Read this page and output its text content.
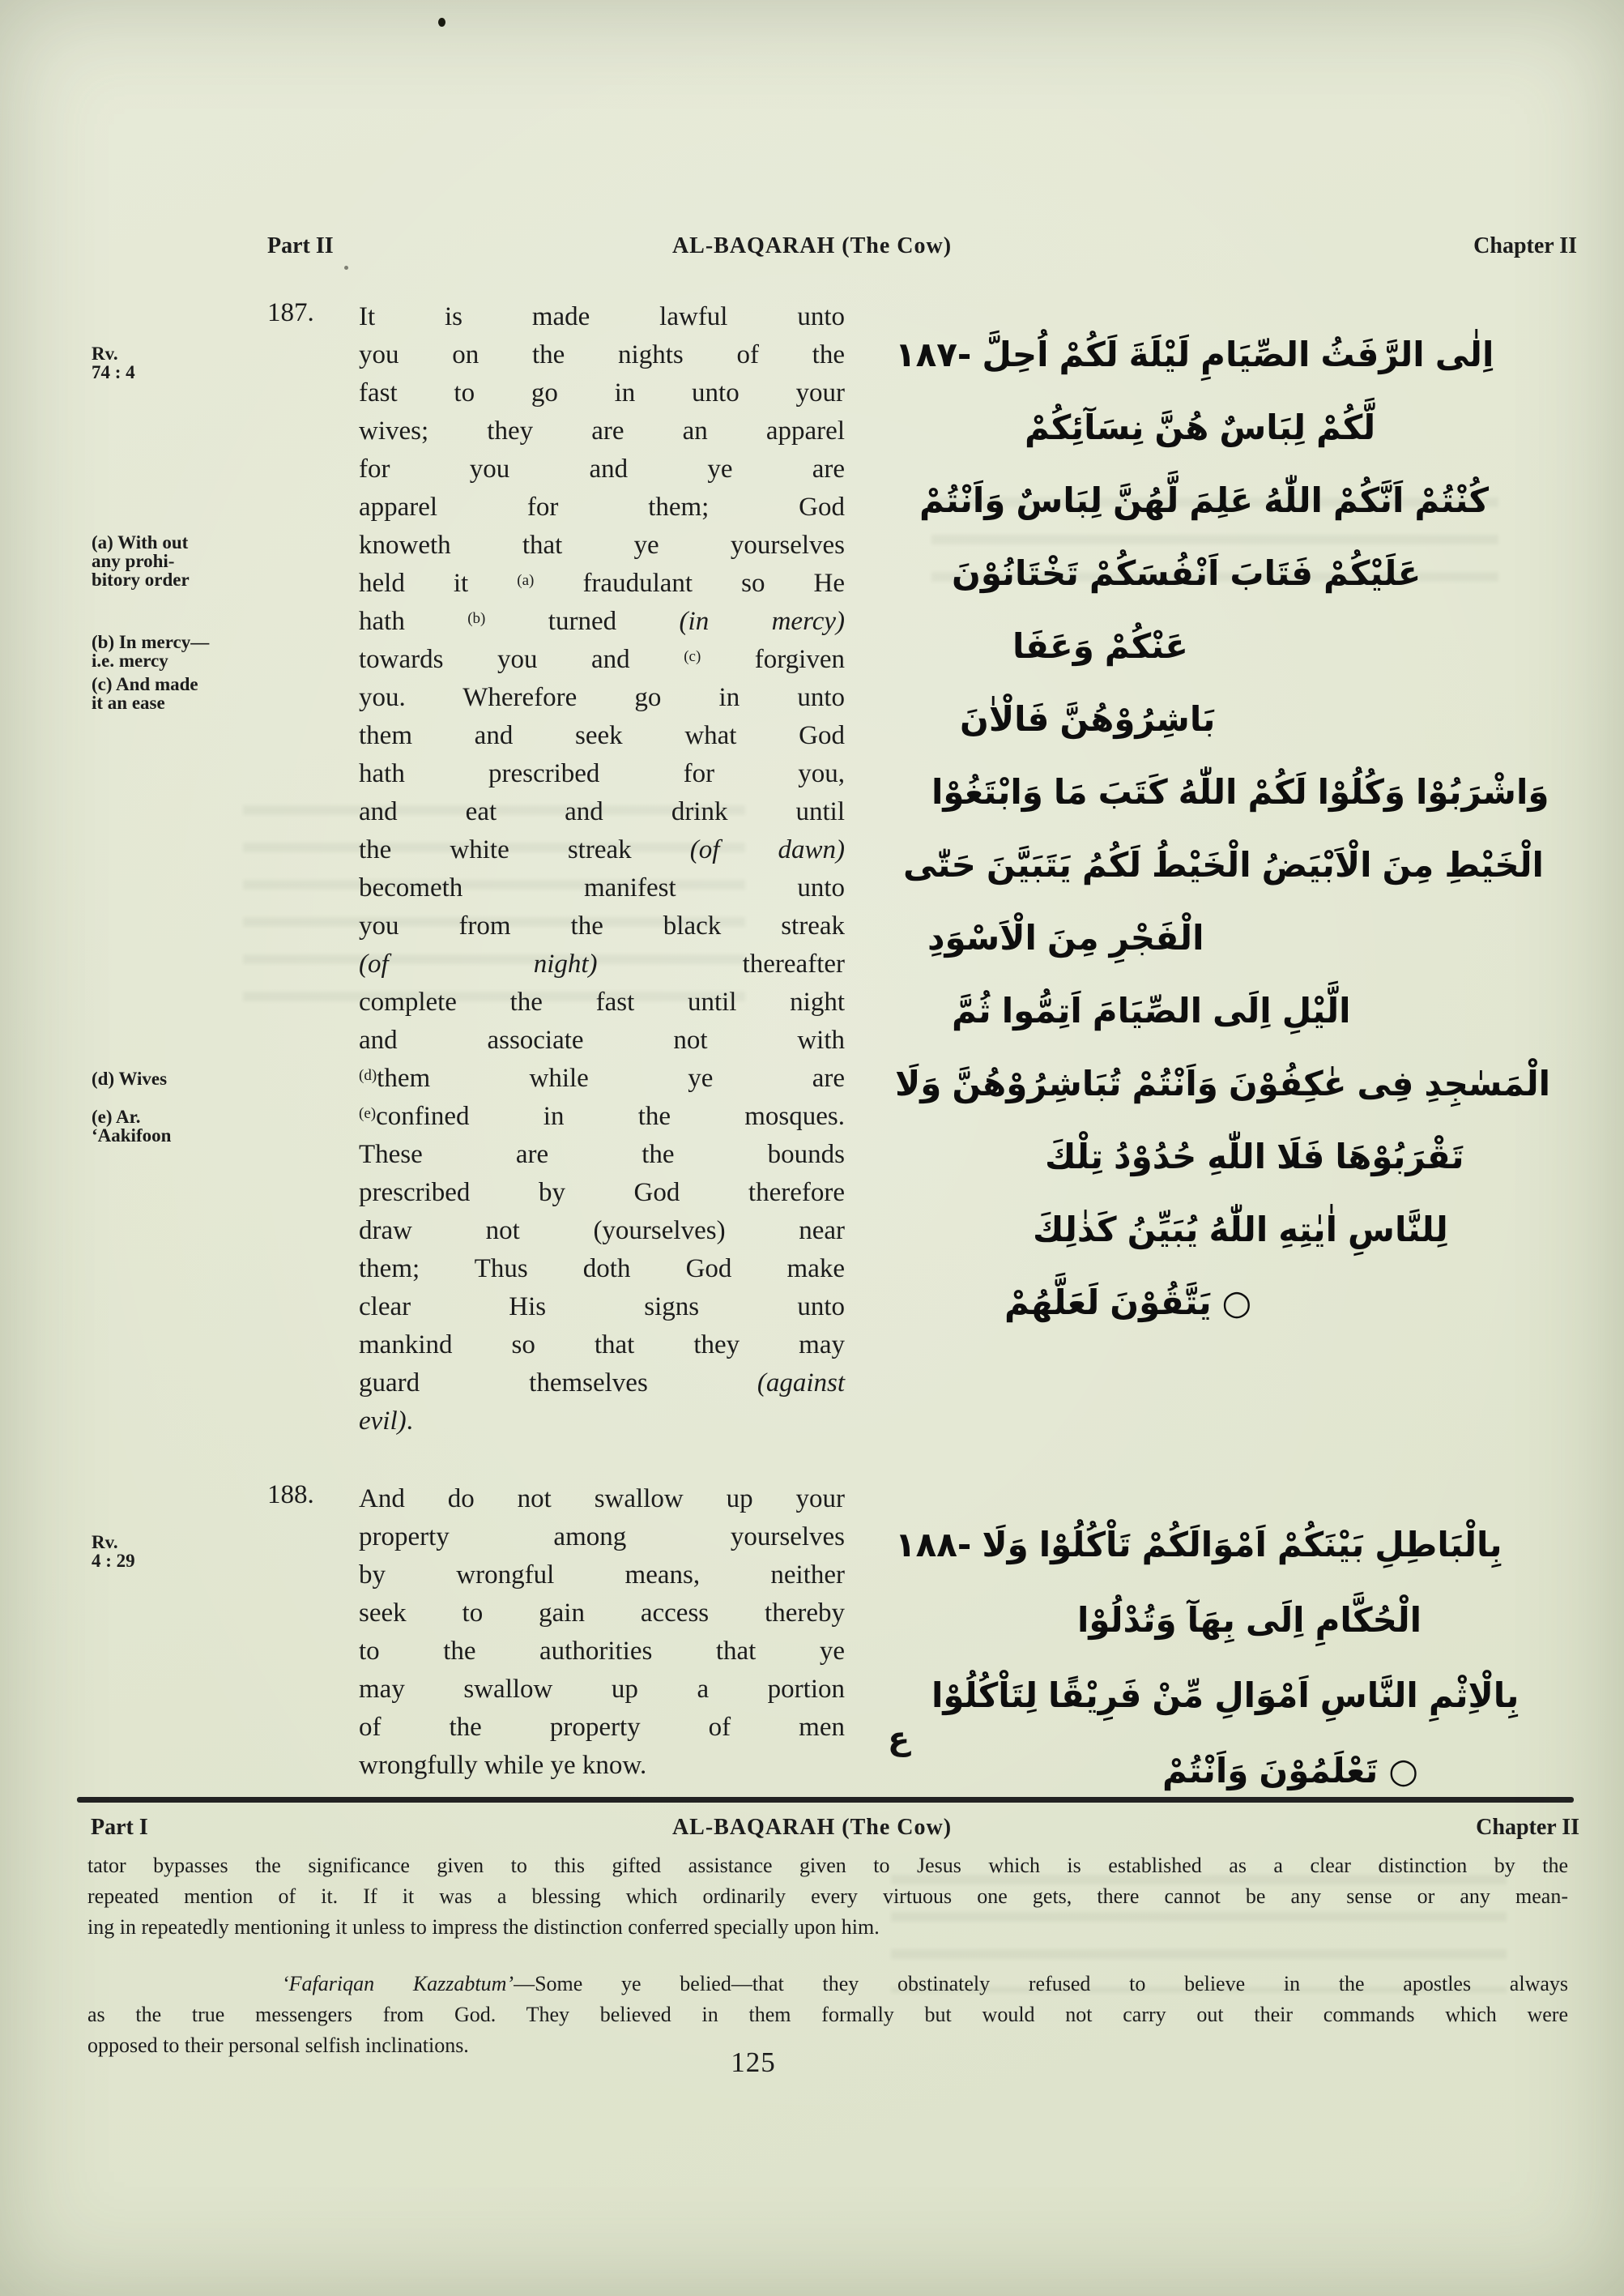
Part II	AL-BAQARAH (The Cow)	Chapter II
Rv.
74 : 4
(a) With out
any prohi-
bitory order
(b) In mercy—
i.e. mercy
(c) And made
it an ease
(d) Wives
(e) Ar.
‘Aakifoon
Rv.
4 : 29
187. It is made lawful unto
you on the nights of the
fast to go in unto your
wives; they are an apparel
for you and ye are
apparel for them; God
knoweth that ye yourselves
held it $^{(a)}$ fraudulant so He
hath $^{(b)}$ turned (in mercy)
towards you and $^{(c)}$ forgiven
you. Wherefore go in unto
them and seek what God
hath prescribed for you,
and eat and drink until
the white streak (of dawn)
becometh manifest unto
you from the black streak
(of night) thereafter
complete the fast until night
and associate not with
$^{(d)}$them while ye are
$^{(e)}$confined in the mosques.
These are the bounds
prescribed by God therefore
draw not (yourselves) near
them; Thus doth God make
clear His signs unto
mankind so that they may
guard themselves (against
evil).
١٨٧- اُحِلَّ لَكُمْ لَيْلَةَ الصِّيَامِ الرَّفَثُ اِلٰى
نِسَآئِكُمْ هُنَّ لِبَاسٌ لَّكُمْ
وَاَنْتُمْ لِبَاسٌ لَّهُنَّ عَلِمَ اللّٰهُ اَنَّكُمْ كُنْتُمْ
تَخْتَانُوْنَ اَنْفُسَكُمْ فَتَابَ عَلَيْكُمْ
وَعَفَا عَنْكُمْ
فَالْاٰنَ بَاشِرُوْهُنَّ
وَابْتَغُوْا مَا كَتَبَ اللّٰهُ لَكُمْ وَكُلُوْا وَاشْرَبُوْا
حَتّٰى يَتَبَيَّنَ لَكُمُ الْخَيْطُ الْاَبْيَضُ مِنَ الْخَيْطِ
الْاَسْوَدِ مِنَ الْفَجْرِ
ثُمَّ اَتِمُّوا الصِّيَامَ اِلَى الَّيْلِ
وَلَا تُبَاشِرُوْهُنَّ وَاَنْتُمْ عٰكِفُوْنَ فِى الْمَسٰجِدِ
تِلْكَ حُدُوْدُ اللّٰهِ فَلَا تَقْرَبُوْهَا
كَذٰلِكَ يُبَيِّنُ اللّٰهُ اٰيٰتِهِ لِلنَّاسِ
لَعَلَّهُمْ يَتَّقُوْنَ ○
188. And do not swallow up your
property among yourselves
by wrongful means, neither
seek to gain access thereby
to the authorities that ye
may swallow up a portion
of the property of men
wrongfully while ye know.
١٨٨- وَلَا تَاْكُلُوْا اَمْوَالَكُمْ بَيْنَكُمْ بِالْبَاطِلِ
وَتُدْلُوْا بِهَآ اِلَى الْحُكَّامِ
لِتَاْكُلُوْا فَرِيْقًا مِّنْ اَمْوَالِ النَّاسِ بِالْاِثْمِ
وَاَنْتُمْ تَعْلَمُوْنَ ○
ع
Part I	AL-BAQARAH (The Cow)	Chapter II
tator bypasses the significance given to this gifted assistance given to Jesus which is established as a clear distinction by the
repeated mention of it. If it was a blessing which ordinarily every virtuous one gets, there cannot be any sense or any mean-
ing in repeatedly mentioning it unless to impress the distinction conferred specially upon him.
‘Fafariqan Kazzabtum’—Some ye belied—that they obstinately refused to believe in the apostles always
as the true messengers from God. They believed in them formally but would not carry out their commands which were
opposed to their personal selfish inclinations.
125
